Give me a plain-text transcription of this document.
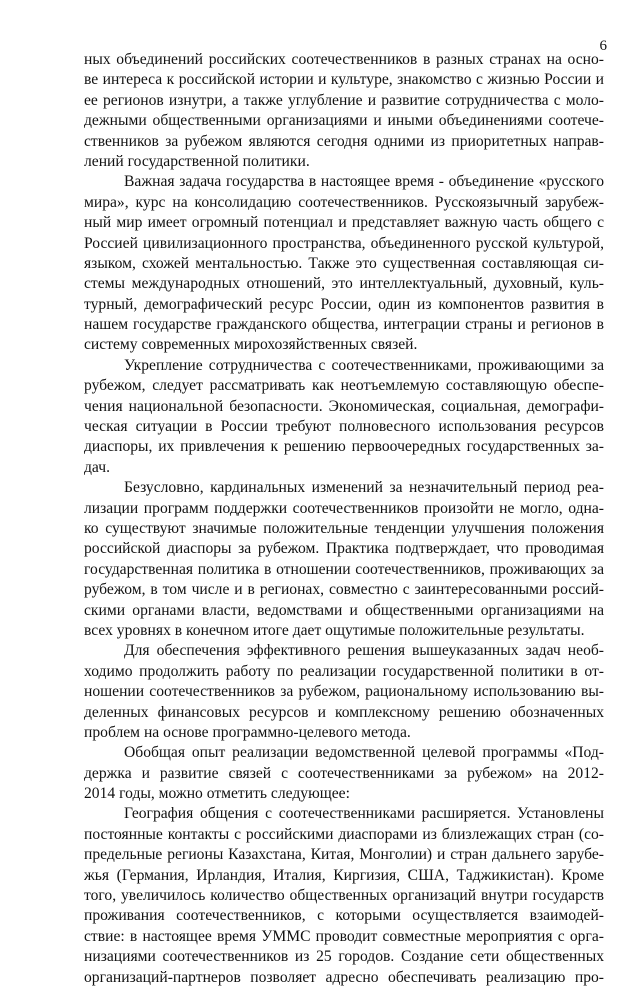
6
ных объединений российских соотечественников в разных странах на осно-
ве интереса к российской истории и культуре, знакомство с жизнью России и
ее регионов изнутри, а также углубление и развитие сотрудничества с моло-
дежными общественными организациями и иными объединениями соотече-
ственников за рубежом являются сегодня одними из приоритетных направ-
лений государственной политики.
Важная задача государства в настоящее время - объединение «русского
мира», курс на консолидацию соотечественников. Русскоязычный зарубеж-
ный мир имеет огромный потенциал и представляет важную часть общего с
Россией цивилизационного пространства, объединенного русской культурой,
языком, схожей ментальностью. Также это существенная составляющая си-
стемы международных отношений, это интеллектуальный, духовный, куль-
турный, демографический ресурс России, один из компонентов развития в
нашем государстве гражданского общества, интеграции страны и регионов в
систему современных мирохозяйственных связей.
Укрепление сотрудничества с соотечественниками, проживающими за
рубежом, следует рассматривать как неотъемлемую составляющую обеспе-
чения национальной безопасности. Экономическая, социальная, демографи-
ческая ситуации в России требуют полновесного использования ресурсов
диаспоры, их привлечения к решению первоочередных государственных за-
дач.
Безусловно, кардинальных изменений за незначительный период реа-
лизации программ поддержки соотечественников произойти не могло, одна-
ко существуют значимые положительные тенденции улучшения положения
российской диаспоры за рубежом. Практика подтверждает, что проводимая
государственная политика в отношении соотечественников, проживающих за
рубежом, в том числе и в регионах, совместно с заинтересованными россий-
скими органами власти, ведомствами и общественными организациями на
всех уровнях в конечном итоге дает ощутимые положительные результаты.
Для обеспечения эффективного решения вышеуказанных задач необ-
ходимо продолжить работу по реализации государственной политики в от-
ношении соотечественников за рубежом, рациональному использованию вы-
деленных финансовых ресурсов и комплексному решению обозначенных
проблем на основе программно-целевого метода.
Обобщая опыт реализации ведомственной целевой программы «Под-
держка и развитие связей с соотечественниками за рубежом» на 2012-
2014 годы, можно отметить следующее:
География общения с соотечественниками расширяется. Установлены
постоянные контакты с российскими диаспорами из близлежащих стран (со-
предельные регионы Казахстана, Китая, Монголии) и стран дальнего зарубе-
жья (Германия, Ирландия, Италия, Киргизия, США, Таджикистан). Кроме
того, увеличилось количество общественных организаций внутри государств
проживания соотечественников, с которыми осуществляется взаимодей-
ствие: в настоящее время УММС проводит совместные мероприятия с орга-
низациями соотечественников из 25 городов. Создание сети общественных
организаций-партнеров позволяет адресно обеспечивать реализацию про-
